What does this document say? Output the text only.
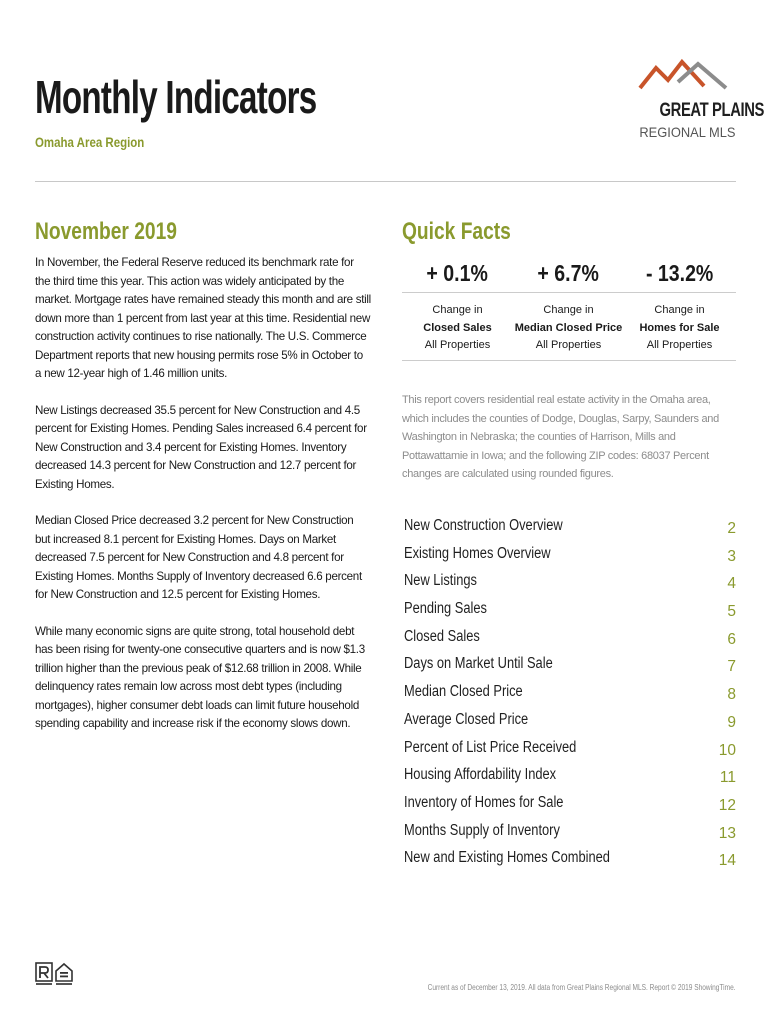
Monthly Indicators
Omaha Area Region
GREAT PLAINS
REGIONAL MLS
November 2019

In November, the Federal Reserve reduced its benchmark rate for the third time this year. This action was widely anticipated by the market. Mortgage rates have remained steady this month and are still down more than 1 percent from last year at this time. Residential new construction activity continues to rise nationally. The U.S. Commerce Department reports that new housing permits rose 5% in October to a new 12-year high of 1.46 million units.

New Listings decreased 35.5 percent for New Construction and 4.5 percent for Existing Homes. Pending Sales increased 6.4 percent for New Construction and 3.4 percent for Existing Homes. Inventory decreased 14.3 percent for New Construction and 12.7 percent for Existing Homes.

Median Closed Price decreased 3.2 percent for New Construction but increased 8.1 percent for Existing Homes. Days on Market decreased 7.5 percent for New Construction and 4.8 percent for Existing Homes. Months Supply of Inventory decreased 6.6 percent for New Construction and 12.5 percent for Existing Homes.

While many economic signs are quite strong, total household debt has been rising for twenty-one consecutive quarters and is now $1.3 trillion higher than the previous peak of $12.68 trillion in 2008. While delinquency rates remain low across most debt types (including mortgages), higher consumer debt loads can limit future household spending capability and increase risk if the economy slows down.

Quick Facts
+ 0.1%
Change in
Closed Sales
All Properties
+ 6.7%
Change in
Median Closed Price
All Properties
- 13.2%
Change in
Homes for Sale
All Properties
This report covers residential real estate activity in the Omaha area, which includes the counties of Dodge, Douglas, Sarpy, Saunders and Washington in Nebraska; the counties of Harrison, Mills and Pottawattamie in Iowa; and the following ZIP codes: 68037 Percent changes are calculated using rounded figures.
New Construction Overview	2
Existing Homes Overview	3
New Listings	4
Pending Sales	5
Closed Sales	6
Days on Market Until Sale	7
Median Closed Price	8
Average Closed Price	9
Percent of List Price Received	10
Housing Affordability Index	11
Inventory of Homes for Sale	12
Months Supply of Inventory	13
New and Existing Homes Combined	14
Current as of December 13, 2019. All data from Great Plains Regional MLS. Report © 2019 ShowingTime.
